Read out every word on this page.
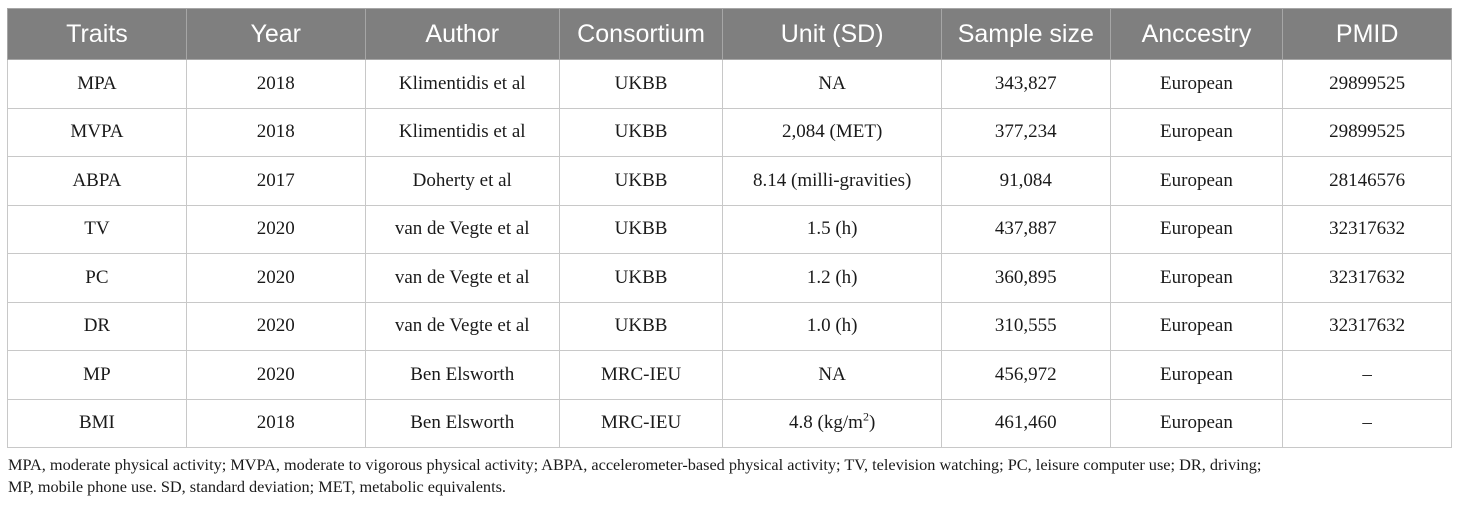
Traits	Year	Author	Consortium	Unit (SD)	Sample size	Anccestry	PMID
MPA	2018	Klimentidis et al	UKBB	NA	343,827	European	29899525
MVPA	2018	Klimentidis et al	UKBB	2,084 (MET)	377,234	European	29899525
ABPA	2017	Doherty et al	UKBB	8.14 (milli-gravities)	91,084	European	28146576
TV	2020	van de Vegte et al	UKBB	1.5 (h)	437,887	European	32317632
PC	2020	van de Vegte et al	UKBB	1.2 (h)	360,895	European	32317632
DR	2020	van de Vegte et al	UKBB	1.0 (h)	310,555	European	32317632
MP	2020	Ben Elsworth	MRC-IEU	NA	456,972	European	–
BMI	2018	Ben Elsworth	MRC-IEU	4.8 $(kg/m^2)$	461,460	European	–

MPA, moderate physical activity; MVPA, moderate to vigorous physical activity; ABPA, accelerometer-based physical activity; TV, television watching; PC, leisure computer use; DR, driving;

MP, mobile phone use. SD, standard deviation; MET, metabolic equivalents.
